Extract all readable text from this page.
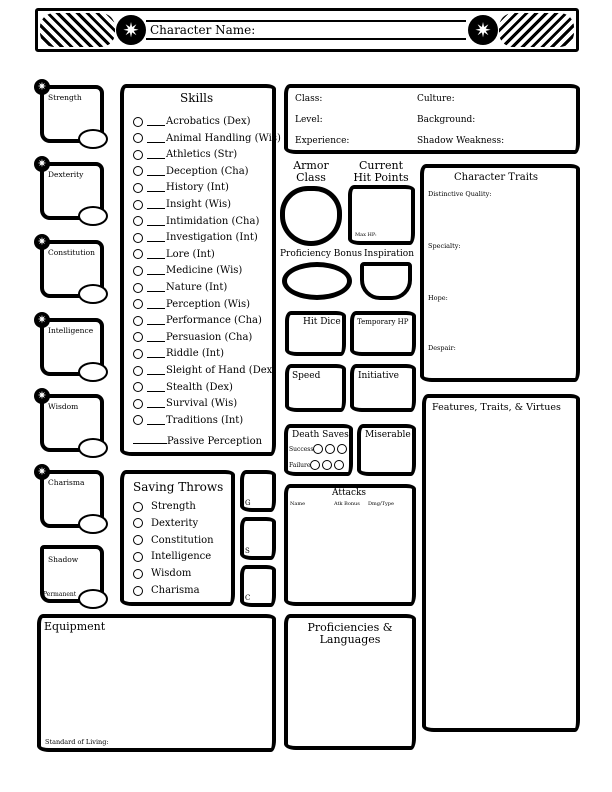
✷	✷
Character Name:
✷
Strength
✷
Dexterity
✷
Constitution
✷
Intelligence
✷
Wisdom
✷
Charisma
Shadow
Permanent
Skills
Acrobatics (Dex)
Animal Handling (Wis)
Athletics (Str)
Deception (Cha)
History (Int)
Insight (Wis)
Intimidation (Cha)
Investigation (Int)
Lore (Int)
Medicine (Wis)
Nature (Int)
Perception (Wis)
Performance (Cha)
Persuasion (Cha)
Riddle (Int)
Sleight of Hand (Dex)
Stealth (Dex)
Survival (Wis)
Traditions (Int)
Passive Perception
Saving Throws
Strength
Dexterity
Constitution
Intelligence
Wisdom
Charisma
G
S
C
Class:	Culture:
Level:	Background:
Experience:	Shadow Weakness:
Armor Class
Current Hit Points
Max HP:
Proficiency Bonus Inspiration
Hit Dice Temporary HP
Speed	Initiative
Death Saves
Success
Failure
Miserable
Attacks
Name	Atk Bonus Dmg/Type
Character Traits
Distinctive Quality:
Specialty:
Hope:
Despair:
Features, Traits, & Virtues
Equipment
Standard of Living:
Proficiencies & Languages
